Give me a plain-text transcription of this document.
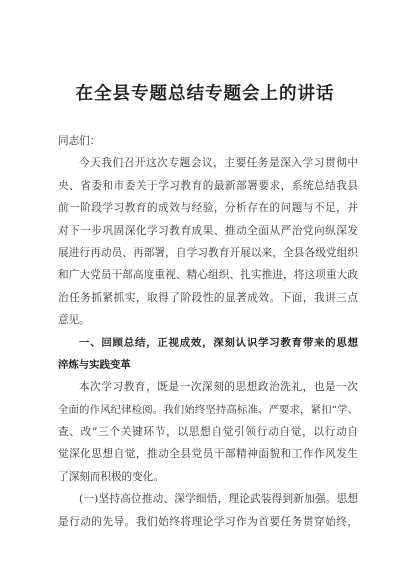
在全县专题总结专题会上的讲话
同志们：
今天我们召开这次专题会议，主要任务是深入学习贯彻中
央、省委和市委关于学习教育的最新部署要求，系统总结我县
前一阶段学习教育的成效与经验，分析存在的问题与不足，并
对下一步巩固深化学习教育成果、推动全面从严治党向纵深发
展进行再动员、再部署，自学习教育开展以来，全县各级党组织
和广大党员干部高度重视、精心组织、扎实推进，将这项重大政
治任务抓紧抓实，取得了阶段性的显著成效。下面，我讲三点
意见。
一、回顾总结，正视成效，深刻认识学习教育带来的思想
淬炼与实践变革
本次学习教育，既是一次深刻的思想政治洗礼，也是一次
全面的作风纪律检阅。我们始终坚持高标准、严要求，紧扣“学、
查、改”三个关键环节，以思想自觉引领行动自觉，以行动自
觉深化思想自觉，推动全县党员干部精神面貌和工作作风发生
了深刻而积极的变化。
(一)坚持高位推动、深学细悟，理论武装得到新加强。思想
是行动的先导。我们始终将理论学习作为首要任务贯穿始终，
